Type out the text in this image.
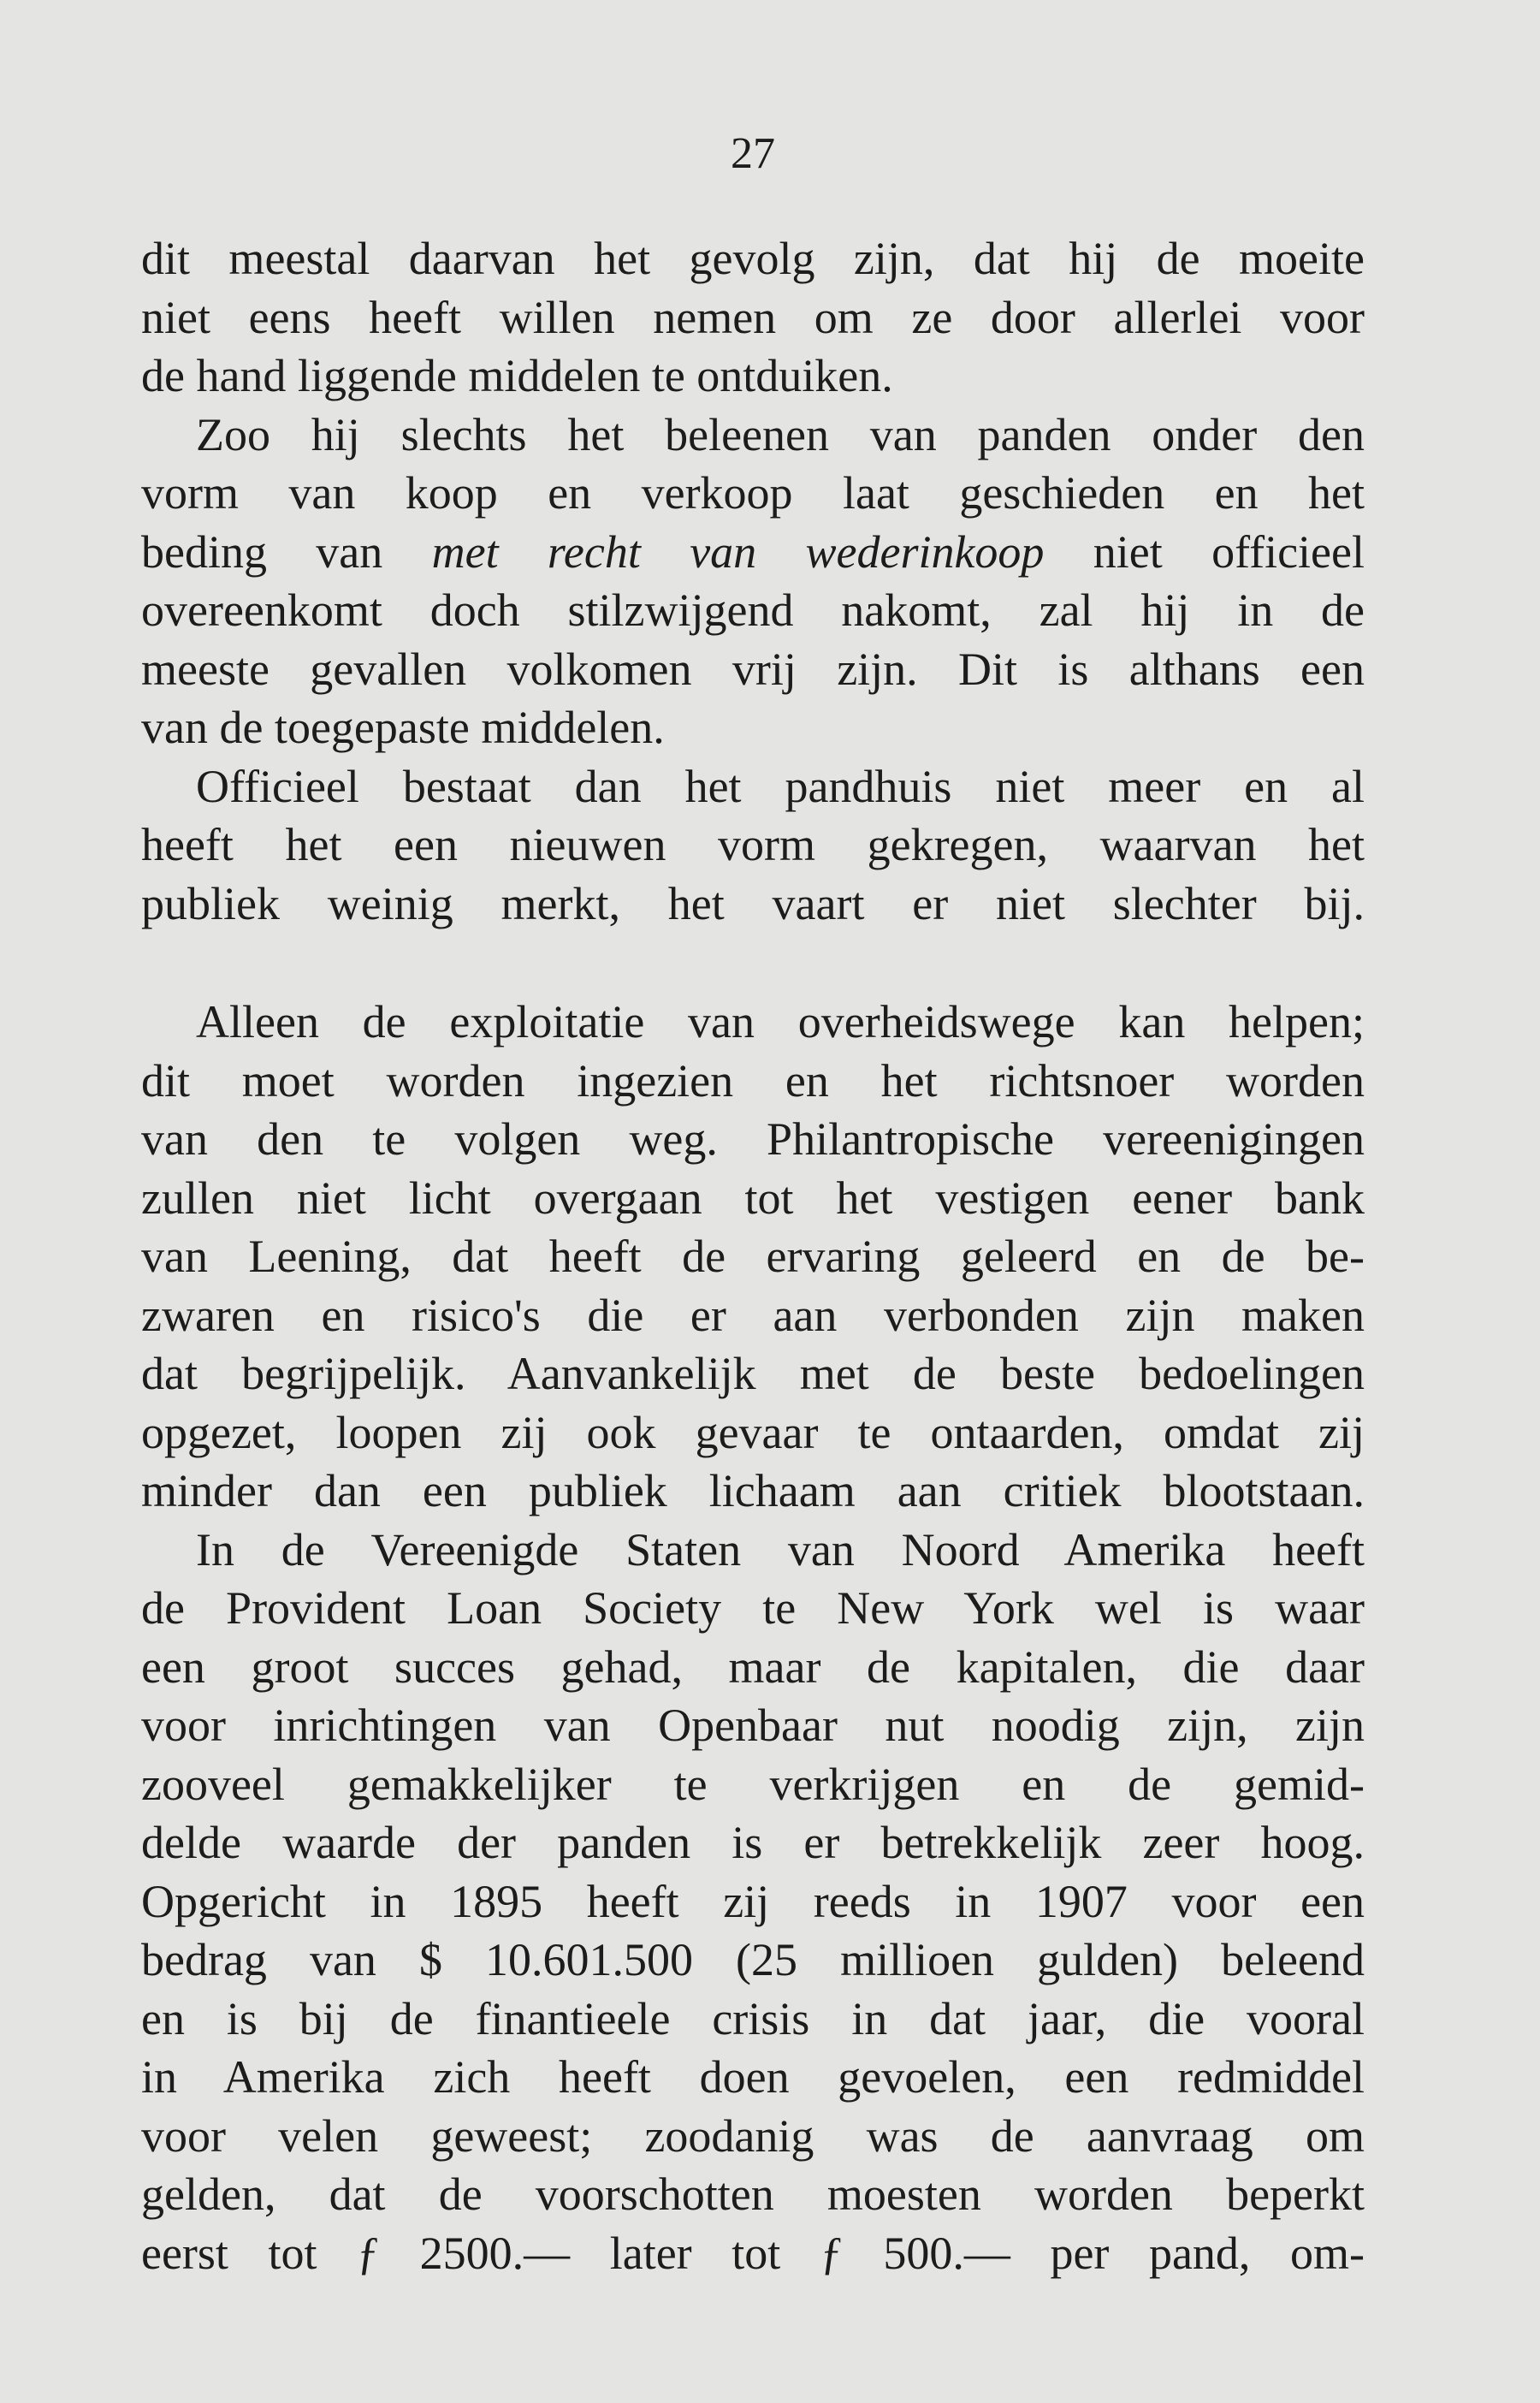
27
dit meestal daarvan het gevolg zijn, dat hij de moeite
niet eens heeft willen nemen om ze door allerlei voor
de hand liggende middelen te ontduiken.
Zoo hij slechts het beleenen van panden onder den
vorm van koop en verkoop laat geschieden en het
beding van met recht van wederinkoop niet officieel
overeenkomt doch stilzwijgend nakomt, zal hij in de
meeste gevallen volkomen vrij zijn. Dit is althans een
van de toegepaste middelen.
Officieel bestaat dan het pandhuis niet meer en al
heeft het een nieuwen vorm gekregen, waarvan het
publiek weinig merkt, het vaart er niet slechter bij.
Alleen de exploitatie van overheidswege kan helpen;
dit moet worden ingezien en het richtsnoer worden
van den te volgen weg. Philantropische vereenigingen
zullen niet licht overgaan tot het vestigen eener bank
van Leening, dat heeft de ervaring geleerd en de be-
zwaren en risico's die er aan verbonden zijn maken
dat begrijpelijk. Aanvankelijk met de beste bedoelingen
opgezet, loopen zij ook gevaar te ontaarden, omdat zij
minder dan een publiek lichaam aan critiek blootstaan.
In de Vereenigde Staten van Noord Amerika heeft
de Provident Loan Society te New York wel is waar
een groot succes gehad, maar de kapitalen, die daar
voor inrichtingen van Openbaar nut noodig zijn, zijn
zooveel gemakkelijker te verkrijgen en de gemid-
delde waarde der panden is er betrekkelijk zeer hoog.
Opgericht in 1895 heeft zij reeds in 1907 voor een
bedrag van $ 10.601.500 (25 millioen gulden) beleend
en is bij de finantieele crisis in dat jaar, die vooral
in Amerika zich heeft doen gevoelen, een redmiddel
voor velen geweest; zoodanig was de aanvraag om
gelden, dat de voorschotten moesten worden beperkt
eerst tot ƒ 2500.— later tot ƒ 500.— per pand, om-
